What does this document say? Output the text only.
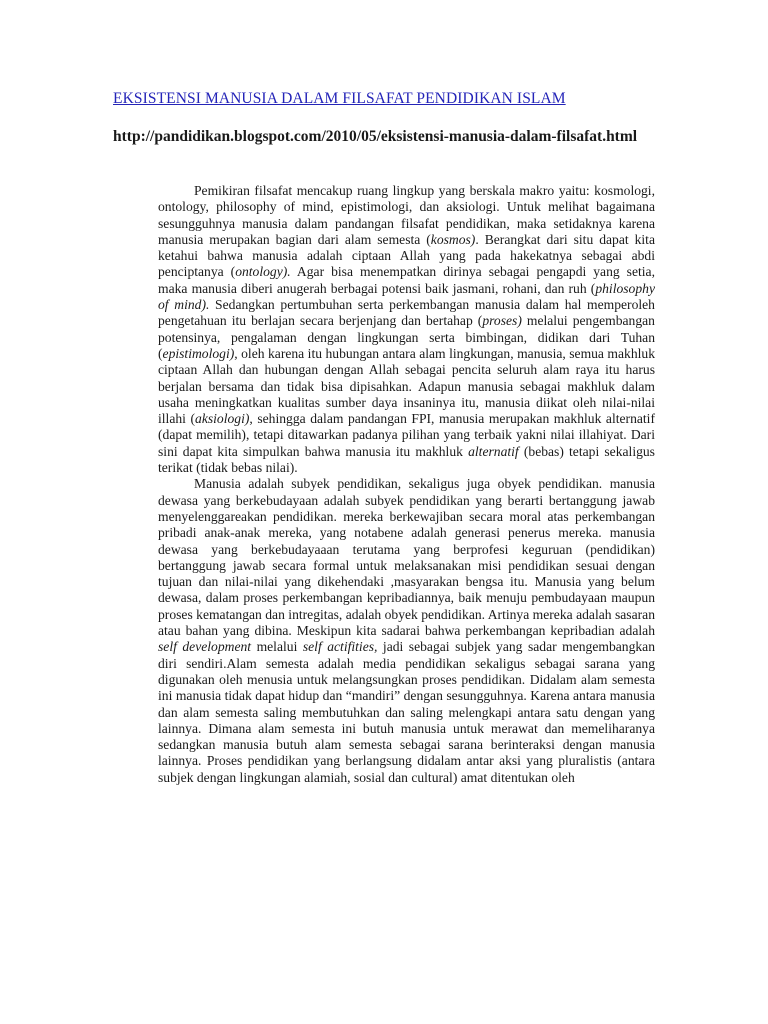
EKSISTENSI MANUSIA DALAM FILSAFAT PENDIDIKAN ISLAM
http://pandidikan.blogspot.com/2010/05/eksistensi-manusia-dalam-filsafat.html

Pemikiran filsafat mencakup ruang lingkup yang berskala makro yaitu: kosmologi, ontology, philosophy of mind, epistimologi, dan aksiologi. Untuk melihat bagaimana sesungguhnya manusia dalam pandangan filsafat pendidikan, maka setidaknya karena manusia merupakan bagian dari alam semesta (kosmos). Berangkat dari situ dapat kita ketahui bahwa manusia adalah ciptaan Allah yang pada hakekatnya sebagai abdi penciptanya (ontology). Agar bisa menempatkan dirinya sebagai pengapdi yang setia, maka manusia diberi anugerah berbagai potensi baik jasmani, rohani, dan ruh (philosophy of mind). Sedangkan pertumbuhan serta perkembangan manusia dalam hal memperoleh pengetahuan itu berlajan secara berjenjang dan bertahap (proses) melalui pengembangan potensinya, pengalaman dengan lingkungan serta bimbingan, didikan dari Tuhan (epistimologi), oleh karena itu hubungan antara alam lingkungan, manusia, semua makhluk ciptaan Allah dan hubungan dengan Allah sebagai pencita seluruh alam raya itu harus berjalan bersama dan tidak bisa dipisahkan. Adapun manusia sebagai makhluk dalam usaha meningkatkan kualitas sumber daya insaninya itu, manusia diikat oleh nilai-nilai illahi (aksiologi), sehingga dalam pandangan FPI, manusia merupakan makhluk alternatif (dapat memilih), tetapi ditawarkan padanya pilihan yang terbaik yakni nilai illahiyat. Dari sini dapat kita simpulkan bahwa manusia itu makhluk alternatif (bebas) tetapi sekaligus terikat (tidak bebas nilai).

Manusia adalah subyek pendidikan, sekaligus juga obyek pendidikan. manusia dewasa yang berkebudayaan adalah subyek pendidikan yang berarti bertanggung jawab menyelenggareakan pendidikan. mereka berkewajiban secara moral atas perkembangan pribadi anak-anak mereka, yang notabene adalah generasi penerus mereka. manusia dewasa yang berkebudayaaan terutama yang berprofesi keguruan (pendidikan) bertanggung jawab secara formal untuk melaksanakan misi pendidikan sesuai dengan tujuan dan nilai-nilai yang dikehendaki ,masyarakan bengsa itu. Manusia yang belum dewasa, dalam proses perkembangan kepribadiannya, baik menuju pembudayaan maupun proses kematangan dan intregitas, adalah obyek pendidikan. Artinya mereka adalah sasaran atau bahan yang dibina. Meskipun kita sadarai bahwa perkembangan kepribadian adalah self development melalui self actifities, jadi sebagai subjek yang sadar mengembangkan diri sendiri.Alam semesta adalah media pendidikan sekaligus sebagai sarana yang digunakan oleh menusia untuk melangsungkan proses pendidikan. Didalam alam semesta ini manusia tidak dapat hidup dan “mandiri” dengan sesungguhnya. Karena antara manusia dan alam semesta saling membutuhkan dan saling melengkapi antara satu dengan yang lainnya. Dimana alam semesta ini butuh manusia untuk merawat dan memeliharanya sedangkan manusia butuh alam semesta sebagai sarana berinteraksi dengan manusia lainnya. Proses pendidikan yang berlangsung didalam antar aksi yang pluralistis (antara subjek dengan lingkungan alamiah, sosial dan cultural) amat ditentukan oleh
